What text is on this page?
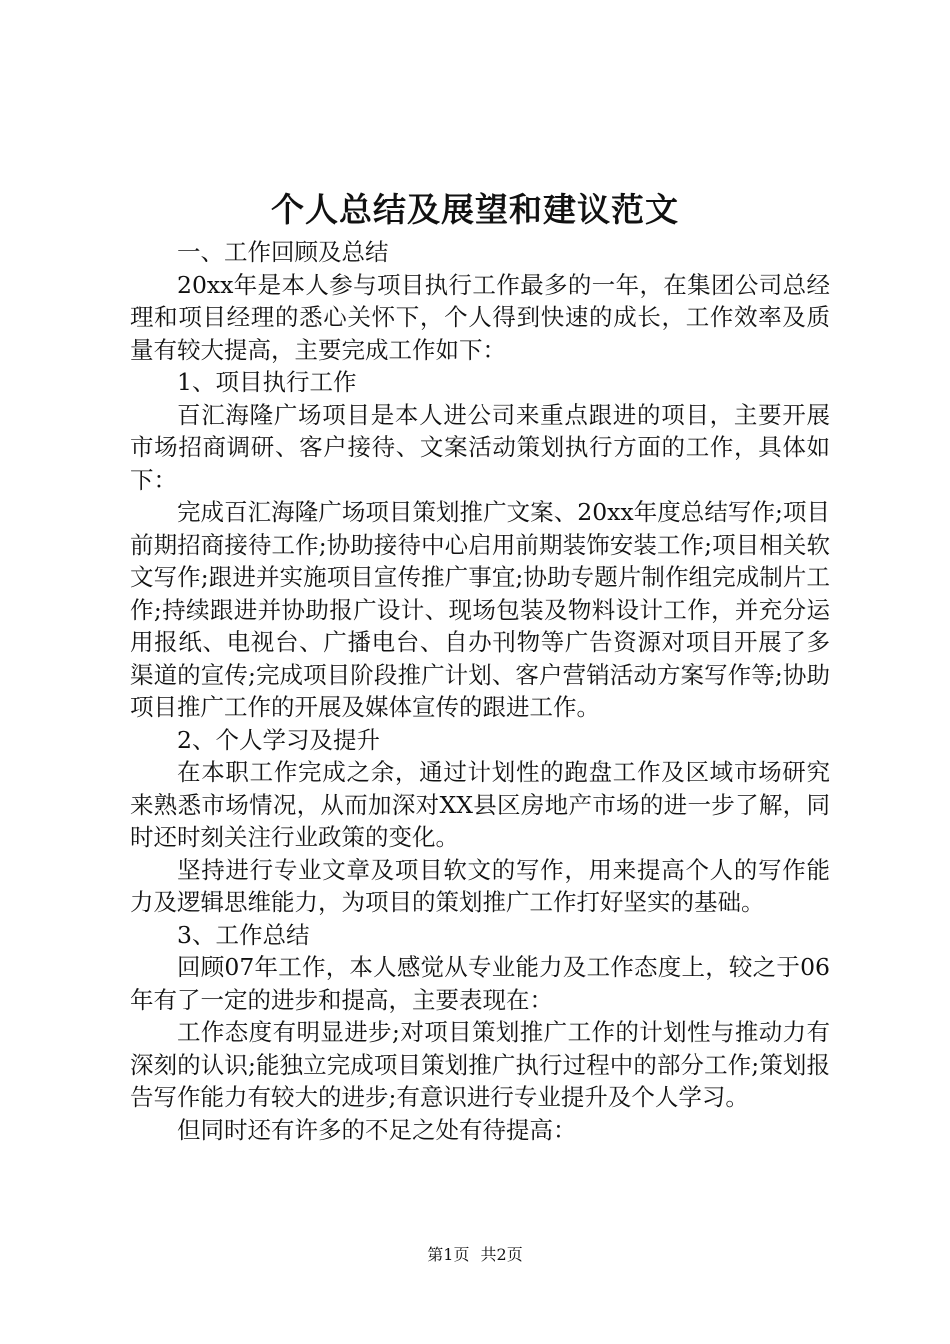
个人总结及展望和建议范文

一、工作回顾及总结

20xx年是本人参与项目执行工作最多的一年，在集团公司总经理和项目经理的悉心关怀下，个人得到快速的成长，工作效率及质量有较大提高，主要完成工作如下：

1、项目执行工作

百汇海隆广场项目是本人进公司来重点跟进的项目，主要开展市场招商调研、客户接待、文案活动策划执行方面的工作，具体如下：

完成百汇海隆广场项目策划推广文案、20xx年度总结写作;项目前期招商接待工作;协助接待中心启用前期装饰安装工作;项目相关软文写作;跟进并实施项目宣传推广事宜;协助专题片制作组完成制片工作;持续跟进并协助报广设计、现场包装及物料设计工作，并充分运用报纸、电视台、广播电台、自办刊物等广告资源对项目开展了多渠道的宣传;完成项目阶段推广计划、客户营销活动方案写作等;协助项目推广工作的开展及媒体宣传的跟进工作。

2、个人学习及提升

在本职工作完成之余，通过计划性的跑盘工作及区域市场研究来熟悉市场情况，从而加深对XX县区房地产市场的进一步了解，同时还时刻关注行业政策的变化。

坚持进行专业文章及项目软文的写作，用来提高个人的写作能力及逻辑思维能力，为项目的策划推广工作打好坚实的基础。

3、工作总结

回顾07年工作，本人感觉从专业能力及工作态度上，较之于06年有了一定的进步和提高，主要表现在：

工作态度有明显进步;对项目策划推广工作的计划性与推动力有深刻的认识;能独立完成项目策划推广执行过程中的部分工作;策划报告写作能力有较大的进步;有意识进行专业提升及个人学习。

但同时还有许多的不足之处有待提高：

第1页 共2页
